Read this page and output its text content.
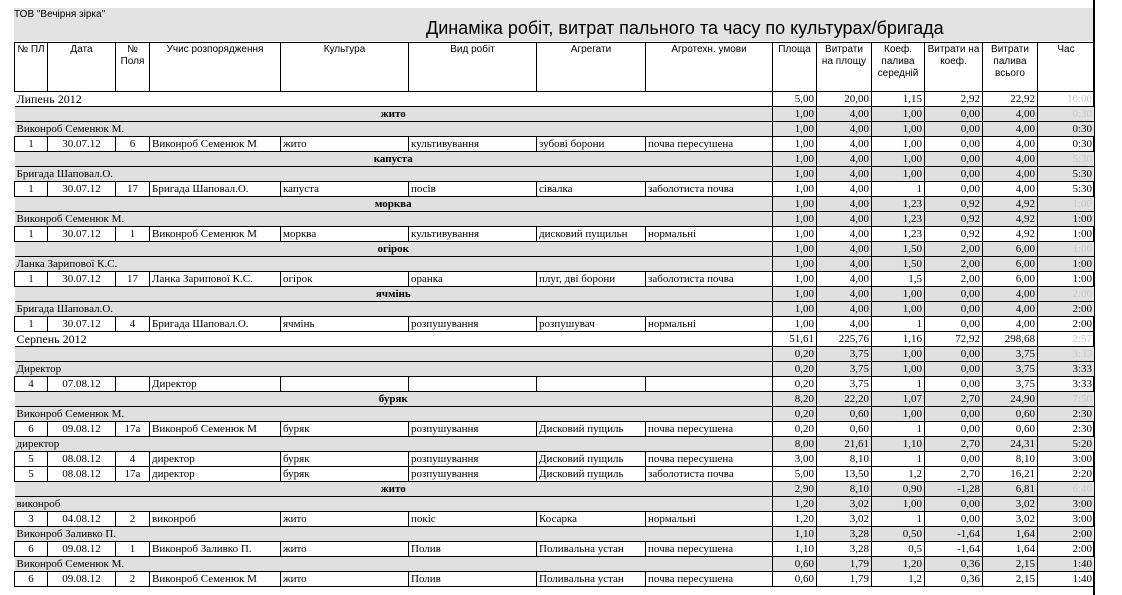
ТОВ "Вечірня зірка"
Динаміка робіт, витрат пального та часу по культурах/бригада
№ ПЛ	Дата	№ Поля	Учис розпорядження	Культура	Вид робіт	Агрегати	Агротехн. умови	Площа	Витрати на площу	Коеф. палива середній	Витрати на коеф.	Витрати палива всього	Час
Липень 2012								5,00	20,00	1,15	2,92	22,92	10:00
жито								1,00	4,00	1,00	0,00	4,00	0:30
Виконроб Семенюк М.								1,00	4,00	1,00	0,00	4,00	0:30
1	30.07.12	6	Виконроб Семенюк М	жито	культивування	зубові борони	почва пересушена	1,00	4,00	1,00	0,00	4,00	0:30
капуста								1,00	4,00	1,00	0,00	4,00	5:30
Бригада Шаповал.О.								1,00	4,00	1,00	0,00	4,00	5:30
1	30.07.12	17	Бригада Шаповал.О.	капуста	посів	сівалка	заболотиста почва	1,00	4,00	1	0,00	4,00	5:30
морква								1,00	4,00	1,23	0,92	4,92	1:00
Виконроб Семенюк М.								1,00	4,00	1,23	0,92	4,92	1:00
1	30.07.12	1	Виконроб Семенюк М	морква	культивування	дисковий пущильн	нормальні	1,00	4,00	1,23	0,92	4,92	1:00
огірок								1,00	4,00	1,50	2,00	6,00	1:00
Ланка Зарипової К.С.								1,00	4,00	1,50	2,00	6,00	1:00
1	30.07.12	17	Ланка Зарипової К.С.	огірок	оранка	плуг, дві борони	заболотиста почва	1,00	4,00	1,5	2,00	6,00	1:00
ячмінь								1,00	4,00	1,00	0,00	4,00	2:00
Бригада Шаповал.О.								1,00	4,00	1,00	0,00	4,00	2:00
1	30.07.12	4	Бригада Шаповал.О.	ячмінь	розпушування	розпушувач	нормальні	1,00	4,00	1	0,00	4,00	2:00
Серпень 2012								51,61	225,76	1,16	72,92	298,68	2:57
								0,20	3,75	1,00	0,00	3,75	3:33
Директор								0,20	3,75	1,00	0,00	3,75	3:33
4	07.08.12		Директор					0,20	3,75	1	0,00	3,75	3:33
буряк								8,20	22,20	1,07	2,70	24,90	7:50
Виконроб Семенюк М.								0,20	0,60	1,00	0,00	0,60	2:30
6	09.08.12	17а	Виконроб Семенюк М	буряк	розпушування	Дисковий пущиль	почва пересушена	0,20	0,60	1	0,00	0,60	2:30
директор								8,00	21,61	1,10	2,70	24,31	5:20
5	08.08.12	4	директор	буряк	розпушування	Дисковий пущиль	почва пересушена	3,00	8,10	1	0,00	8,10	3:00
5	08.08.12	17а	директор	буряк	розпушування	Дисковий пущиль	заболотиста почва	5,00	13,50	1,2	2,70	16,21	2:20
жито								2,90	8,10	0,90	-1,28	6,81	6:40
виконроб								1,20	3,02	1,00	0,00	3,02	3:00
3	04.08.12	2	виконроб	жито	покіс	Косарка	нормальні	1,20	3,02	1	0,00	3,02	3:00
Виконроб Заливко П.								1,10	3,28	0,50	-1,64	1,64	2:00
6	09.08.12	1	Виконроб Заливко П.	жито	Полив	Поливальна устан	почва пересушена	1,10	3,28	0,5	-1,64	1,64	2:00
Виконроб Семенюк М.								0,60	1,79	1,20	0,36	2,15	1:40
6	09.08.12	2	Виконроб Семенюк М	жито	Полив	Поливальна устан	почва пересушена	0,60	1,79	1,2	0,36	2,15	1:40
